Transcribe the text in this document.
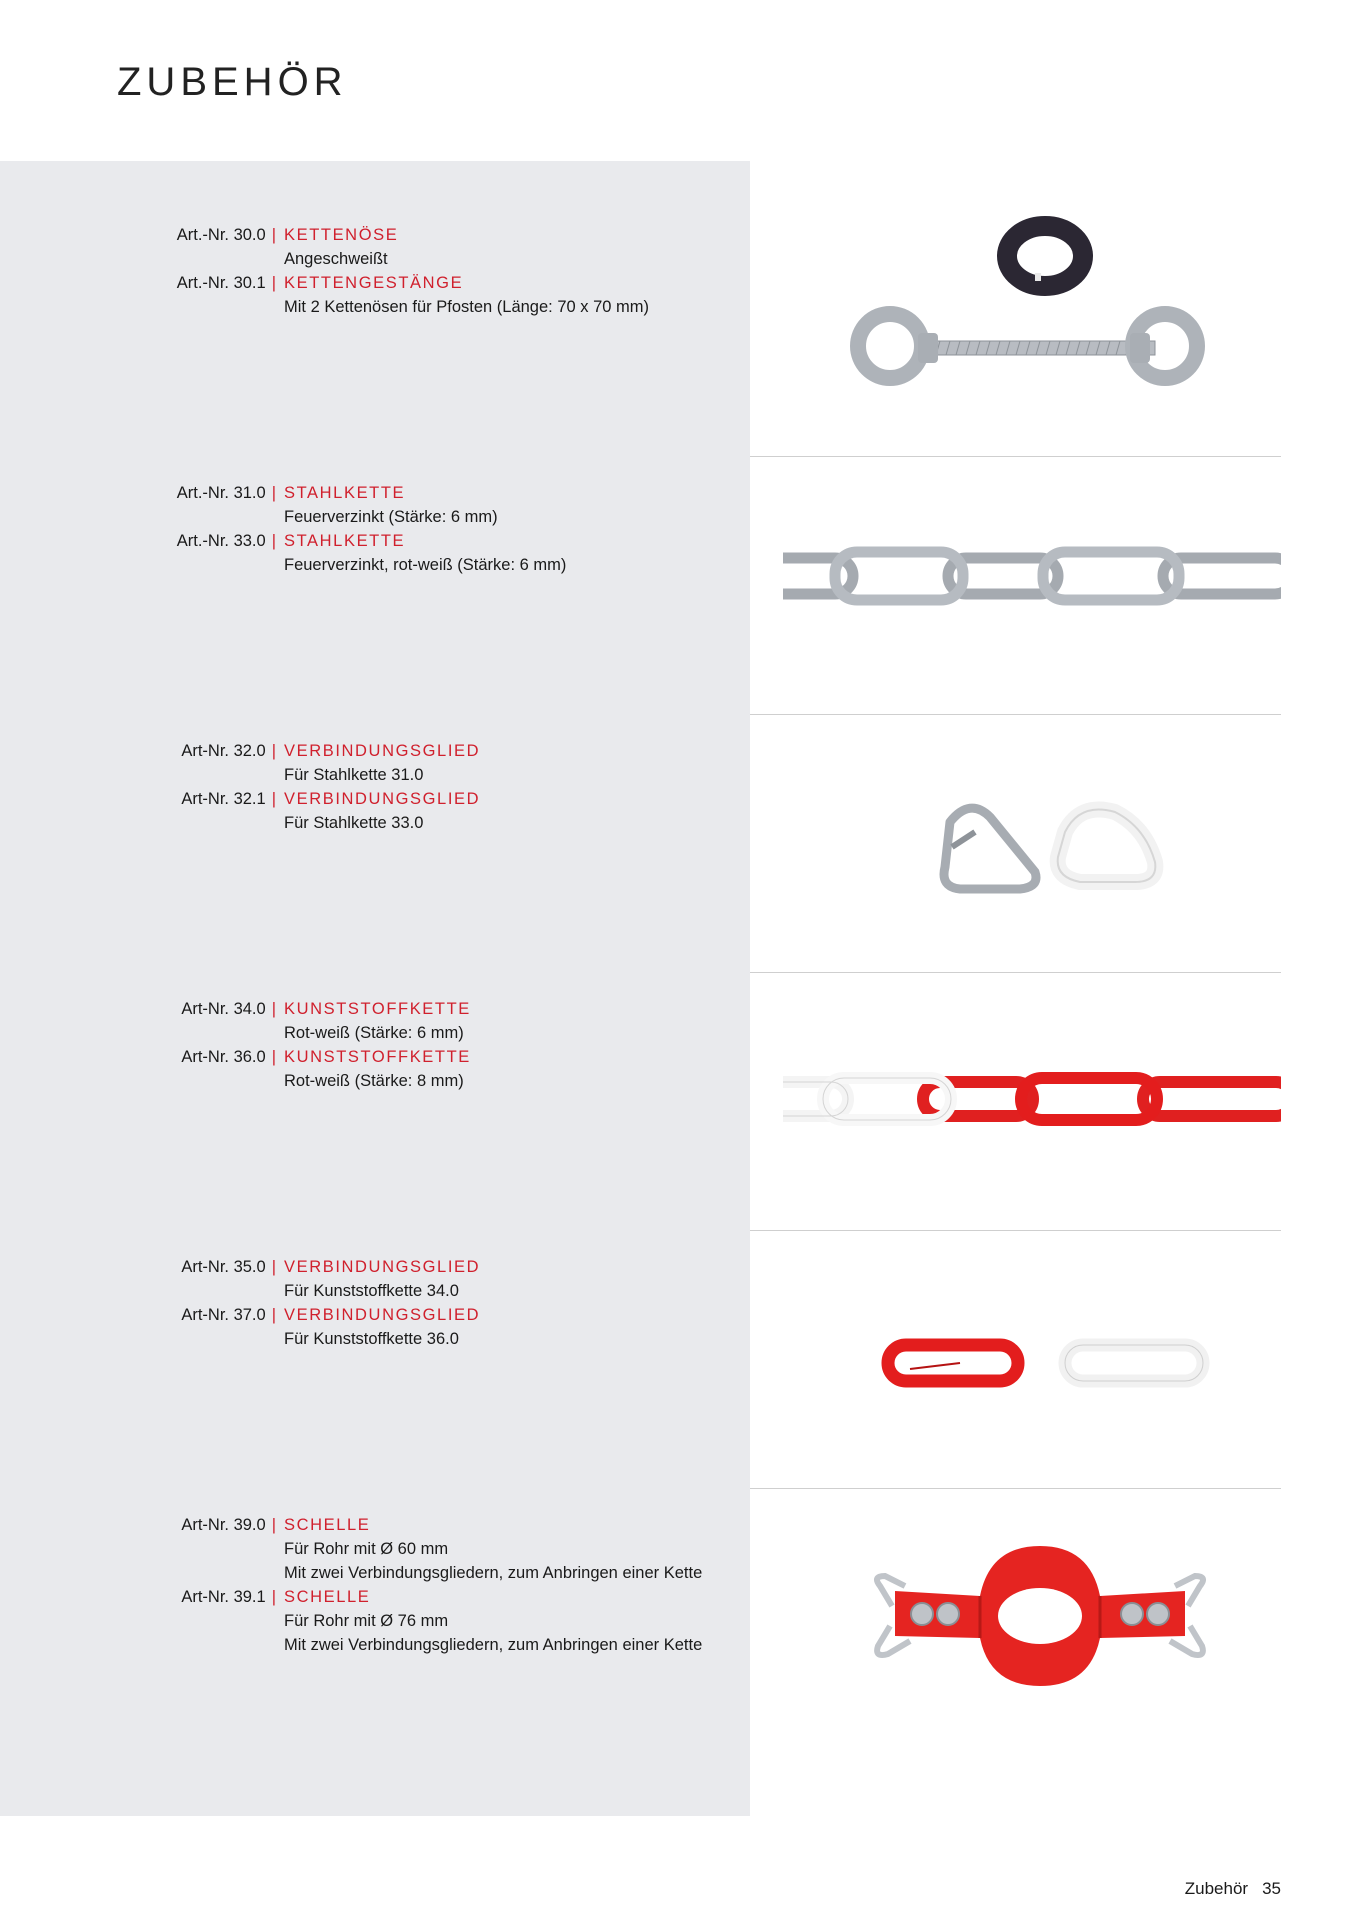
ZUBEHÖR
Art.-Nr. 30.0 | KETTENÖSE
Angeschweißt
Art.-Nr. 30.1 | KETTENGESTÄNGE
Mit 2 Kettenösen für Pfosten (Länge: 70 x 70 mm)
Art.-Nr. 31.0 | STAHLKETTE
Feuerverzinkt (Stärke: 6 mm)
Art.-Nr. 33.0 | STAHLKETTE
Feuerverzinkt, rot-weiß (Stärke: 6 mm)
Art-Nr. 32.0 | VERBINDUNGSGLIED
Für Stahlkette 31.0
Art-Nr. 32.1 | VERBINDUNGSGLIED
Für Stahlkette 33.0
Art-Nr. 34.0 | KUNSTSTOFFKETTE
Rot-weiß (Stärke: 6 mm)
Art-Nr. 36.0 | KUNSTSTOFFKETTE
Rot-weiß (Stärke: 8 mm)
Art-Nr. 35.0 | VERBINDUNGSGLIED
Für Kunststoffkette 34.0
Art-Nr. 37.0 | VERBINDUNGSGLIED
Für Kunststoffkette 36.0
Art-Nr. 39.0 | SCHELLE
Für Rohr mit Ø 60 mm
Mit zwei Verbindungsgliedern, zum Anbringen einer Kette
Art-Nr. 39.1 | SCHELLE
Für Rohr mit Ø 76 mm
Mit zwei Verbindungsgliedern, zum Anbringen einer Kette
Zubehör 35
